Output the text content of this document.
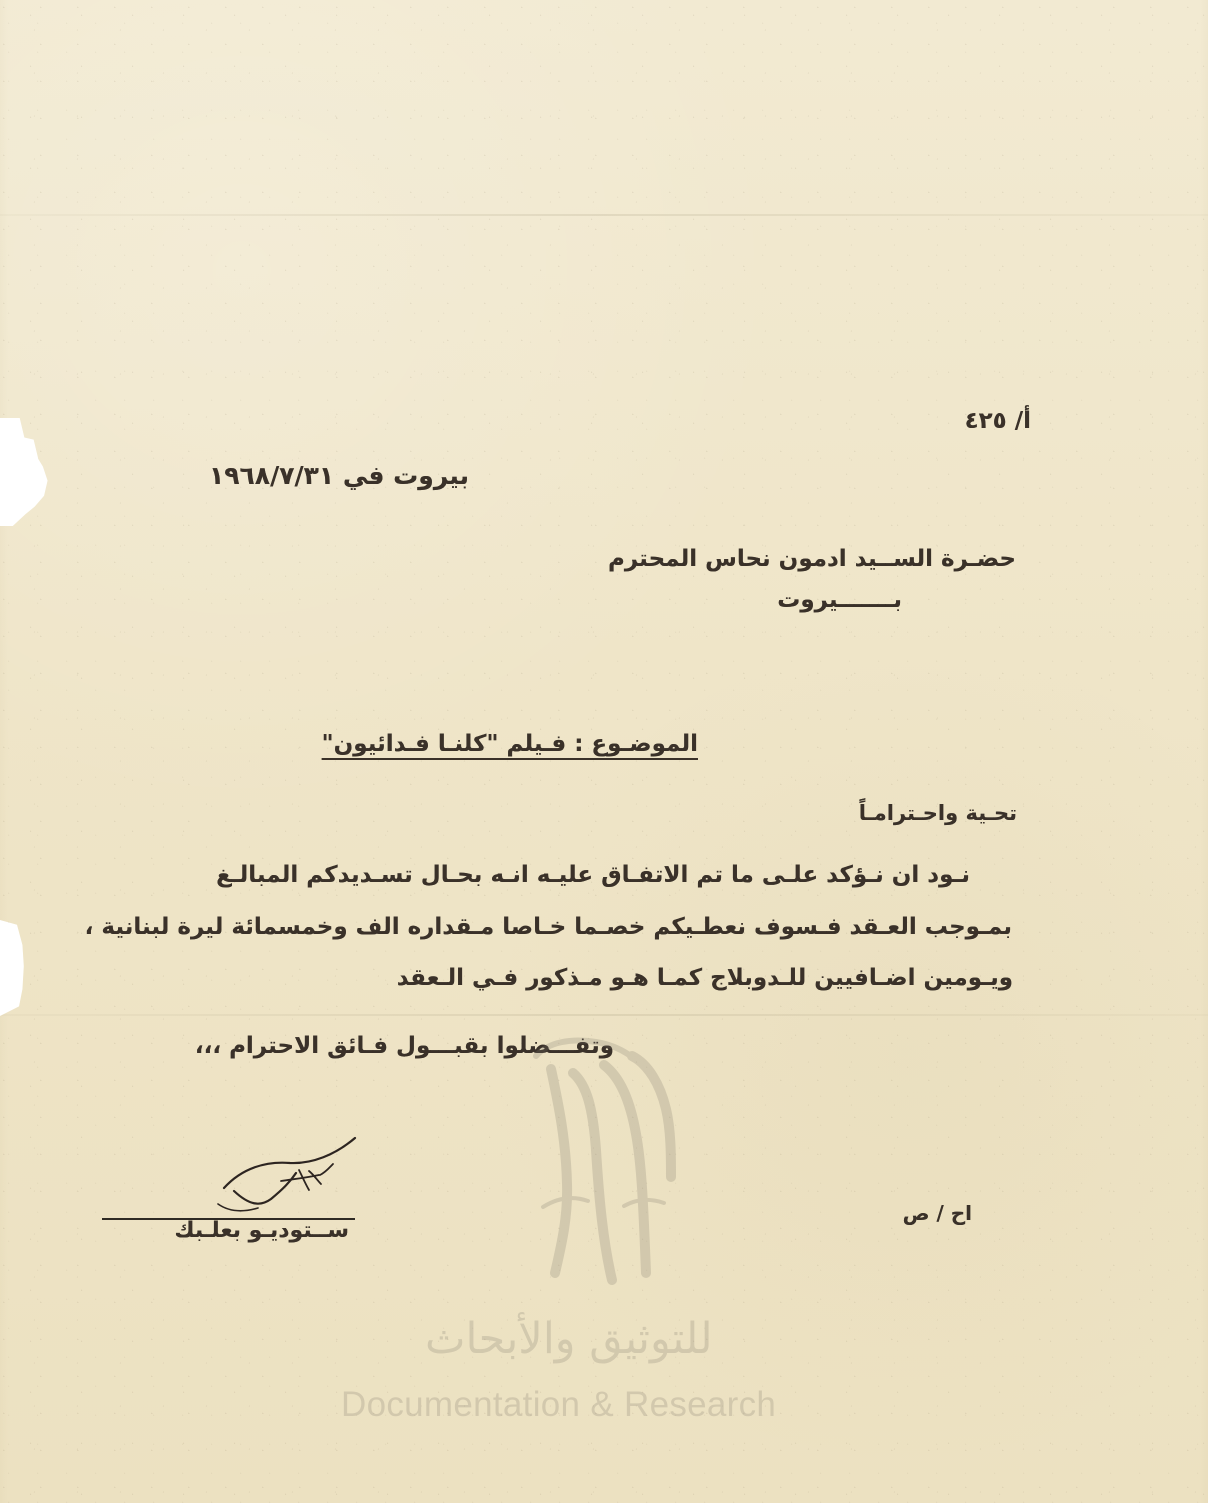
أ/ ٤٢٥
بيروت في ١٩٦٨/٧/٣١
حضـرة الســيد ادمون نحاس المحترم
بـــــــيروت
الموضـوع : فـيلم "كلنـا فـدائيون"
تحـية واحـترامـاً
نـود ان نـؤكد علـى ما تم الاتفـاق عليـه انـه بحـال تسـديدكم المبالـغ
بمـوجب العـقد فـسوف نعطـيكم خصـما خـاصا مـقداره الف وخمسمائة ليرة لبنانية ،
ويـومين اضـافيين للـدوبلاج كمـا هـو مـذكور فـي الـعقد
وتفـــضلوا بقبـــول فـائق الاحترام ،،،
اح / ص
ســتوديـو بعلـبك
للتوثيق والأبحاث
Documentation & Research
